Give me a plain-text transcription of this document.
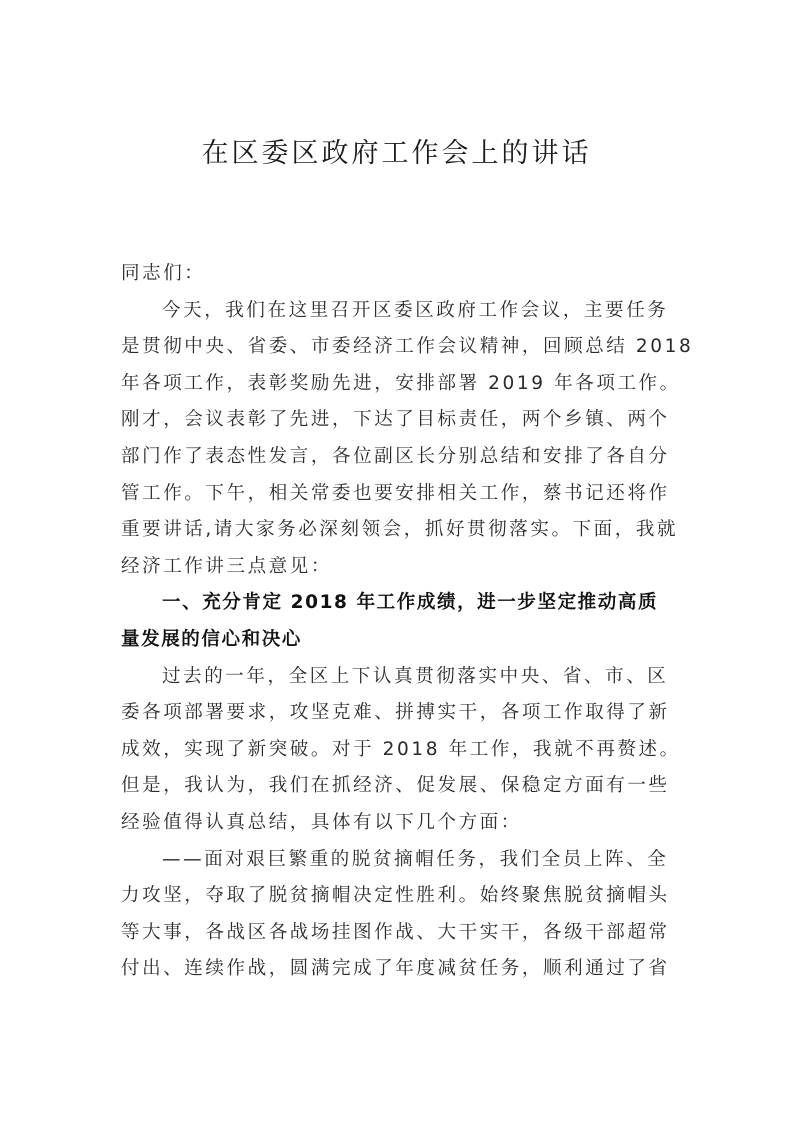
在区委区政府工作会上的讲话
同志们：
今天，我们在这里召开区委区政府工作会议，主要任务
是贯彻中央、省委、市委经济工作会议精神，回顾总结 2018
年各项工作，表彰奖励先进，安排部署 2019 年各项工作。
刚才，会议表彰了先进，下达了目标责任，两个乡镇、两个
部门作了表态性发言，各位副区长分别总结和安排了各自分
管工作。下午，相关常委也要安排相关工作，蔡书记还将作
重要讲话,请大家务必深刻领会，抓好贯彻落实。下面，我就
经济工作讲三点意见：
一、充分肯定 2018 年工作成绩，进一步坚定推动高质
量发展的信心和决心
过去的一年，全区上下认真贯彻落实中央、省、市、区
委各项部署要求，攻坚克难、拼搏实干，各项工作取得了新
成效，实现了新突破。对于 2018 年工作，我就不再赘述。
但是，我认为，我们在抓经济、促发展、保稳定方面有一些
经验值得认真总结，具体有以下几个方面：
——面对艰巨繁重的脱贫摘帽任务，我们全员上阵、全
力攻坚，夺取了脱贫摘帽决定性胜利。始终聚焦脱贫摘帽头
等大事，各战区各战场挂图作战、大干实干，各级干部超常
付出、连续作战，圆满完成了年度减贫任务，顺利通过了省
